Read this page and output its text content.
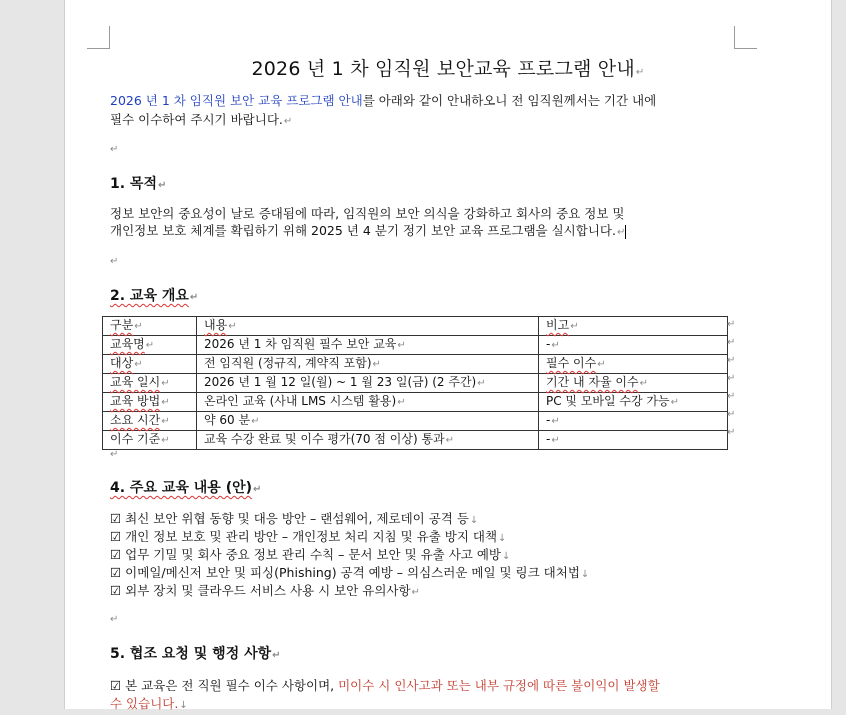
2026 년 1 차 임직원 보안교육 프로그램 안내↵
2026 년 1 차 임직원 보안 교육 프로그램 안내를 아래와 같이 안내하오니 전 임직원께서는 기간 내에
필수 이수하여 주시기 바랍니다.↵
↵
1. 목적↵
정보 보안의 중요성이 날로 증대됨에 따라, 임직원의 보안 의식을 강화하고 회사의 중요 정보 및
개인정보 보호 체계를 확립하기 위해 2025 년 4 분기 정기 보안 교육 프로그램을 실시합니다.↵
↵
2. 교육 개요↵
구분↵	내용↵	비고↵
교육명↵	2026 년 1 차 임직원 필수 보안 교육↵	-↵
대상↵	전 임직원 (정규직, 계약직 포함)↵	필수 이수↵
교육 일시↵	2026 년 1 월 12 일(월) ~ 1 월 23 일(금) (2 주간)↵	기간 내 자율 이수↵
교육 방법↵	온라인 교육 (사내 LMS 시스템 활용)↵	PC 및 모바일 수강 가능↵
소요 시간↵	약 60 분↵	-↵
이수 기준↵	교육 수강 완료 및 이수 평가(70 점 이상) 통과↵	-↵
↵
↵
↵
↵
↵
↵
↵
↵
4. 주요 교육 내용 (안)↵
☑ 최신 보안 위협 동향 및 대응 방안 – 랜섬웨어, 제로데이 공격 등↓
☑ 개인 정보 보호 및 관리 방안 – 개인정보 처리 지침 및 유출 방지 대책↓
☑ 업무 기밀 및 회사 중요 정보 관리 수칙 – 문서 보안 및 유출 사고 예방↓
☑ 이메일/메신저 보안 및 피싱(Phishing) 공격 예방 – 의심스러운 메일 및 링크 대처법↓
☑ 외부 장치 및 클라우드 서비스 사용 시 보안 유의사항↵
↵
5. 협조 요청 및 행정 사항↵
☑ 본 교육은 전 직원 필수 이수 사항이며, 미이수 시 인사고과 또는 내부 규정에 따른 불이익이 발생할
수 있습니다.↓
